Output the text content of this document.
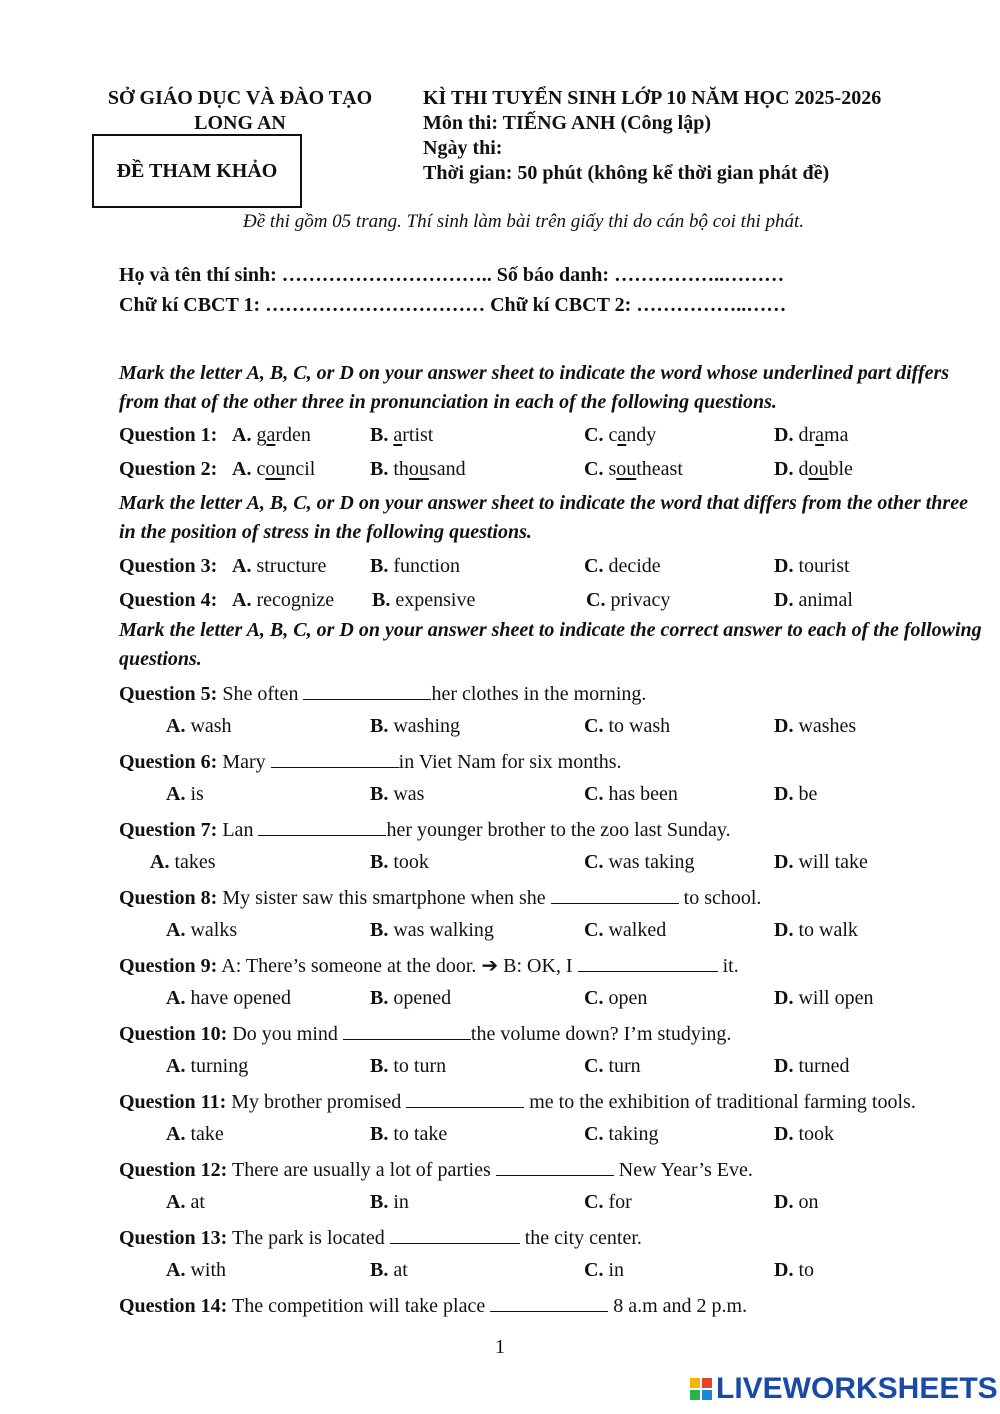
SỞ GIÁO DỤC VÀ ĐÀO TẠO
LONG AN
ĐỀ THAM KHẢO
KÌ THI TUYỂN SINH LỚP 10 NĂM HỌC 2025-2026
Môn thi: TIẾNG ANH (Công lập)
Ngày thi:
Thời gian: 50 phút (không kể thời gian phát đề)
Đề thi gồm 05 trang. Thí sinh làm bài trên giấy thi do cán bộ coi thi phát.
Họ và tên thí sinh: ………………………….. Số báo danh: ……………..………
Chữ kí CBCT 1: …………………………… Chữ kí CBCT 2: ……………..……
Mark the letter A, B, C, or D on your answer sheet to indicate the word whose underlined part differs from that of the other three in pronunciation in each of the following questions.
Question 1: A. garden	B. artist	C. candy	D. drama
Question 2: A. council	B. thousand	C. southeast	D. double
Mark the letter A, B, C, or D on your answer sheet to indicate the word that differs from the other three in the position of stress in the following questions.
Question 3: A. structure B. function	C. decide	D. tourist
Question 4: A. recognize B. expensive	C. privacy	D. animal
Mark the letter A, B, C, or D on your answer sheet to indicate the correct answer to each of the following questions.
Question 5: She often	her clothes in the morning.
A. wash	B. washing	C. to wash	D. washes
Question 6: Mary	in Viet Nam for six months.
A. is	B. was	C. has been	D. be
Question 7: Lan	her younger brother to the zoo last Sunday.
A. takes	B. took	C. was taking	D. will take
Question 8: My sister saw this smartphone when she	to school.
A. walks	B. was walking	C. walked	D. to walk
Question 9: A: There’s someone at the door. ➔ B: OK, I	it.
A. have opened	B. opened	C. open	D. will open
Question 10: Do you mind	the volume down? I’m studying.
A. turning	B. to turn	C. turn	D. turned
Question 11: My brother promised	me to the exhibition of traditional farming tools.
A. take	B. to take	C. taking	D. took
Question 12: There are usually a lot of parties	New Year’s Eve.
A. at	B. in	C. for	D. on
Question 13: The park is located	the city center.
A. with	B. at	C. in	D. to
Question 14: The competition will take place	8 a.m and 2 p.m.
1
LIVEWORKSHEETS
